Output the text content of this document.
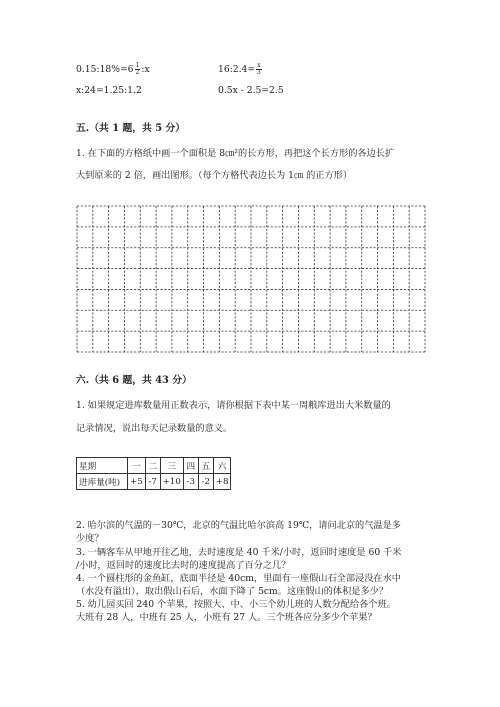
0.15:18%=6 $\frac{1}{2}$ :x	16:2.4= $\frac{x}{3}$
x:24=1.25:1.2	0.5x - 2.5=2.5
五.（共 1 题，共 5 分）
1. 在下面的方格纸中画一个面积是 8㎝²的长方形，再把这个长方形的各边长扩
大到原来的 2 倍，画出图形。（每个方格代表边长为 1㎝ 的正方形）
六.（共 6 题，共 43 分）
1. 如果规定进库数量用正数表示，请你根据下表中某一周粮库进出大米数量的
记录情况，说出每天记录数量的意义。
星期	一	二	三	四	五	六
进库量(吨)	+5	-7	+10	-3	-2	+8
2. 哈尔滨的气温的－30℃，北京的气温比哈尔滨高 19℃，请问北京的气温是多
少度？
3. 一辆客车从甲地开往乙地，去时速度是 40 千米/小时，返回时速度是 60 千米
/小时，返回时的速度比去时的速度提高了百分之几？
4. 一个圆柱形的金鱼缸，底面半径是 40cm，里面有一座假山石全部浸没在水中
（水没有溢出），取出假山石后，水面下降了 5cm。这座假山的体积是多少？
5. 幼儿园买回 240 个苹果，按照大、中、小三个幼儿班的人数分配给各个班。
大班有 28 人，中班有 25 人，小班有 27 人。三个班各应分多少个苹果？
